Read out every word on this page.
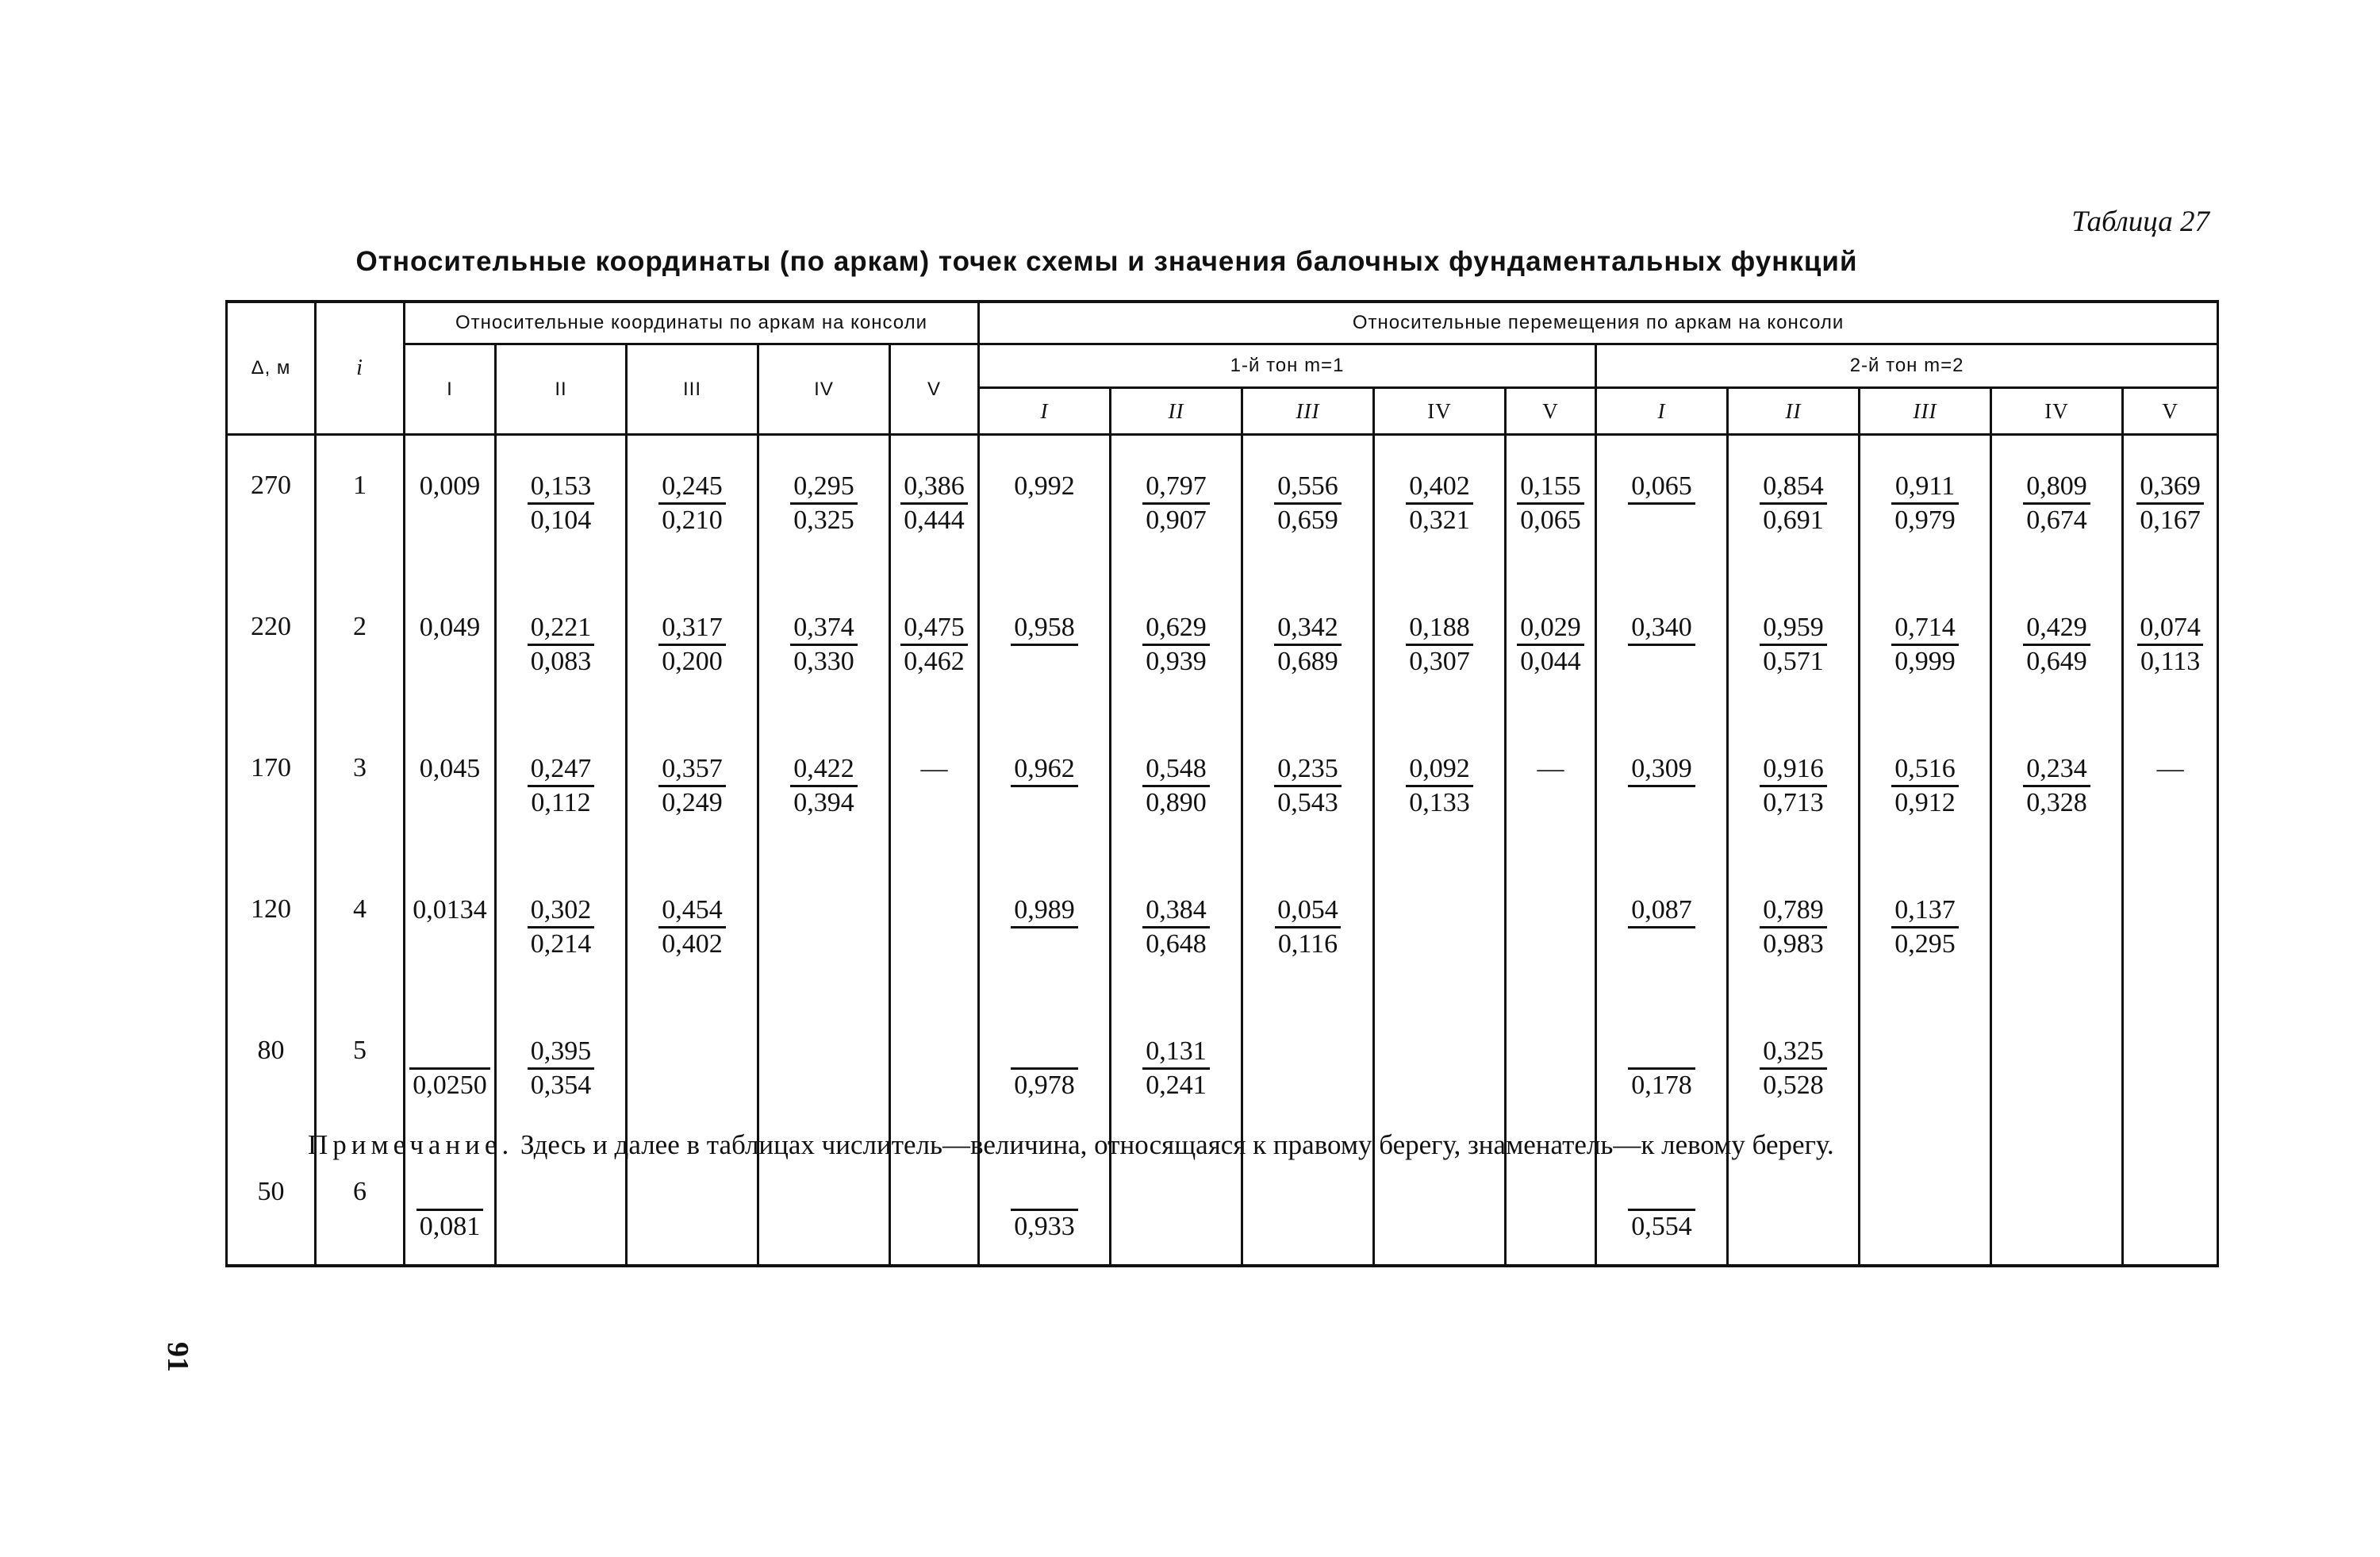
Таблица 27
Относительные координаты (по аркам) точек схемы и значения балочных фундаментальных функций
Δ, м	i	Относительные координаты по аркам на консоли					Относительные перемещения по аркам на консоли									
		I	II	III	IV	V	1-й тон m=1					2-й тон m=2				
							I	II	III	IV	V	I	II	III	IV	V
270	1	0,009	$\frac{0,153}{0,104}$	$\frac{0,245}{0,210}$	$\frac{0,295}{0,325}$	$\frac{0,386}{0,444}$	0,992	$\frac{0,797}{0,907}$	$\frac{0,556}{0,659}$	$\frac{0,402}{0,321}$	$\frac{0,155}{0,065}$	0,065	$\frac{0,854}{0,691}$	$\frac{0,911}{0,979}$	$\frac{0,809}{0,674}$	$\frac{0,369}{0,167}$

220	2	0,049	$\frac{0,221}{0,083}$	$\frac{0,317}{0,200}$	$\frac{0,374}{0,330}$	$\frac{0,475}{0,462}$	0,958	$\frac{0,629}{0,939}$	$\frac{0,342}{0,689}$	$\frac{0,188}{0,307}$	$\frac{0,029}{0,044}$	0,340	$\frac{0,959}{0,571}$	$\frac{0,714}{0,999}$	$\frac{0,429}{0,649}$	$\frac{0,074}{0,113}$

170	3	0,045	$\frac{0,247}{0,112}$	$\frac{0,357}{0,249}$	$\frac{0,422}{0,394}$	—	0,962	$\frac{0,548}{0,890}$	$\frac{0,235}{0,543}$	$\frac{0,092}{0,133}$	—	0,309	$\frac{0,916}{0,713}$	$\frac{0,516}{0,912}$	$\frac{0,234}{0,328}$	—
120	4	0,0134	$\frac{0,302}{0,214}$	$\frac{0,454}{0,402}$			0,989	$\frac{0,384}{0,648}$	$\frac{0,054}{0,116}$			0,087	$\frac{0,789}{0,983}$	$\frac{0,137}{0,295}$

80	5	0,0250	$\frac{0,395}{0,354}$				0,978	$\frac{0,131}{0,241}$				0,178	$\frac{0,325}{0,528}$

50	6	0,081					0,933					0,554				

Примечание. Здесь и далее в таблицах числитель—величина, относящаяся к правому берегу, знаменатель—к левому берегу.
91
